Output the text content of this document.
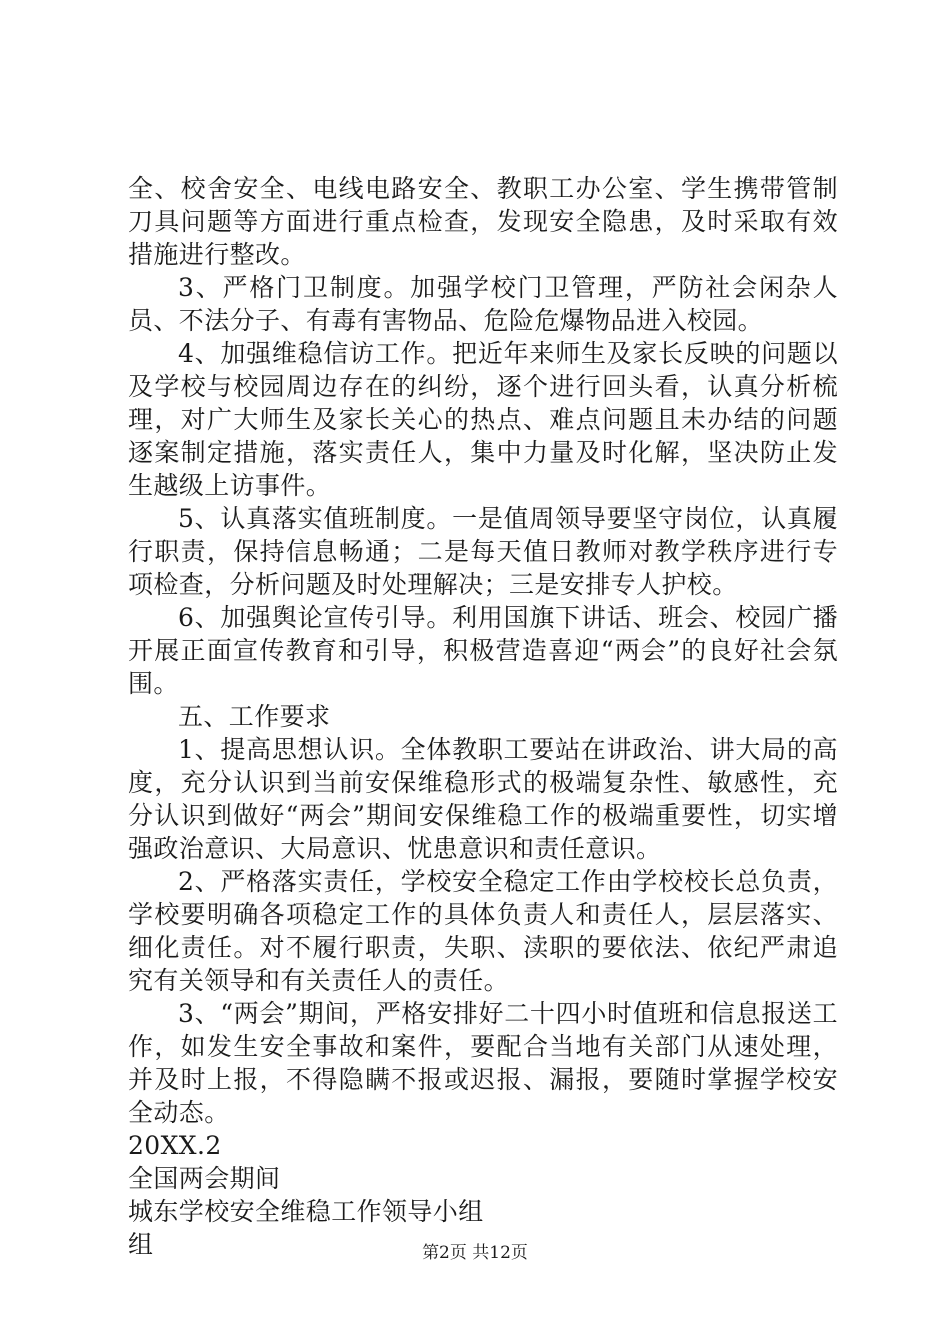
全、校舍安全、电线电路安全、教职工办公室、学生携带管制刀具问题等方面进行重点检查，发现安全隐患，及时采取有效措施进行整改。

3、严格门卫制度。加强学校门卫管理，严防社会闲杂人员、不法分子、有毒有害物品、危险危爆物品进入校园。

4、加强维稳信访工作。把近年来师生及家长反映的问题以及学校与校园周边存在的纠纷，逐个进行回头看，认真分析梳理，对广大师生及家长关心的热点、难点问题且未办结的问题逐案制定措施，落实责任人，集中力量及时化解，坚决防止发生越级上访事件。

5、认真落实值班制度。一是值周领导要坚守岗位，认真履行职责，保持信息畅通；二是每天值日教师对教学秩序进行专项检查，分析问题及时处理解决；三是安排专人护校。

6、加强舆论宣传引导。利用国旗下讲话、班会、校园广播开展正面宣传教育和引导，积极营造喜迎“两会”的良好社会氛围。

五、工作要求

1、提高思想认识。全体教职工要站在讲政治、讲大局的高度，充分认识到当前安保维稳形式的极端复杂性、敏感性，充分认识到做好“两会”期间安保维稳工作的极端重要性，切实增强政治意识、大局意识、忧患意识和责任意识。

2、严格落实责任，学校安全稳定工作由学校校长总负责，学校要明确各项稳定工作的具体负责人和责任人，层层落实、细化责任。对不履行职责，失职、渎职的要依法、依纪严肃追究有关领导和有关责任人的责任。

3、“两会”期间，严格安排好二十四小时值班和信息报送工作，如发生安全事故和案件，要配合当地有关部门从速处理，并及时上报，不得隐瞒不报或迟报、漏报，要随时掌握学校安全动态。

20XX.2

全国两会期间

城东学校安全维稳工作领导小组

组	第2页 共12页
